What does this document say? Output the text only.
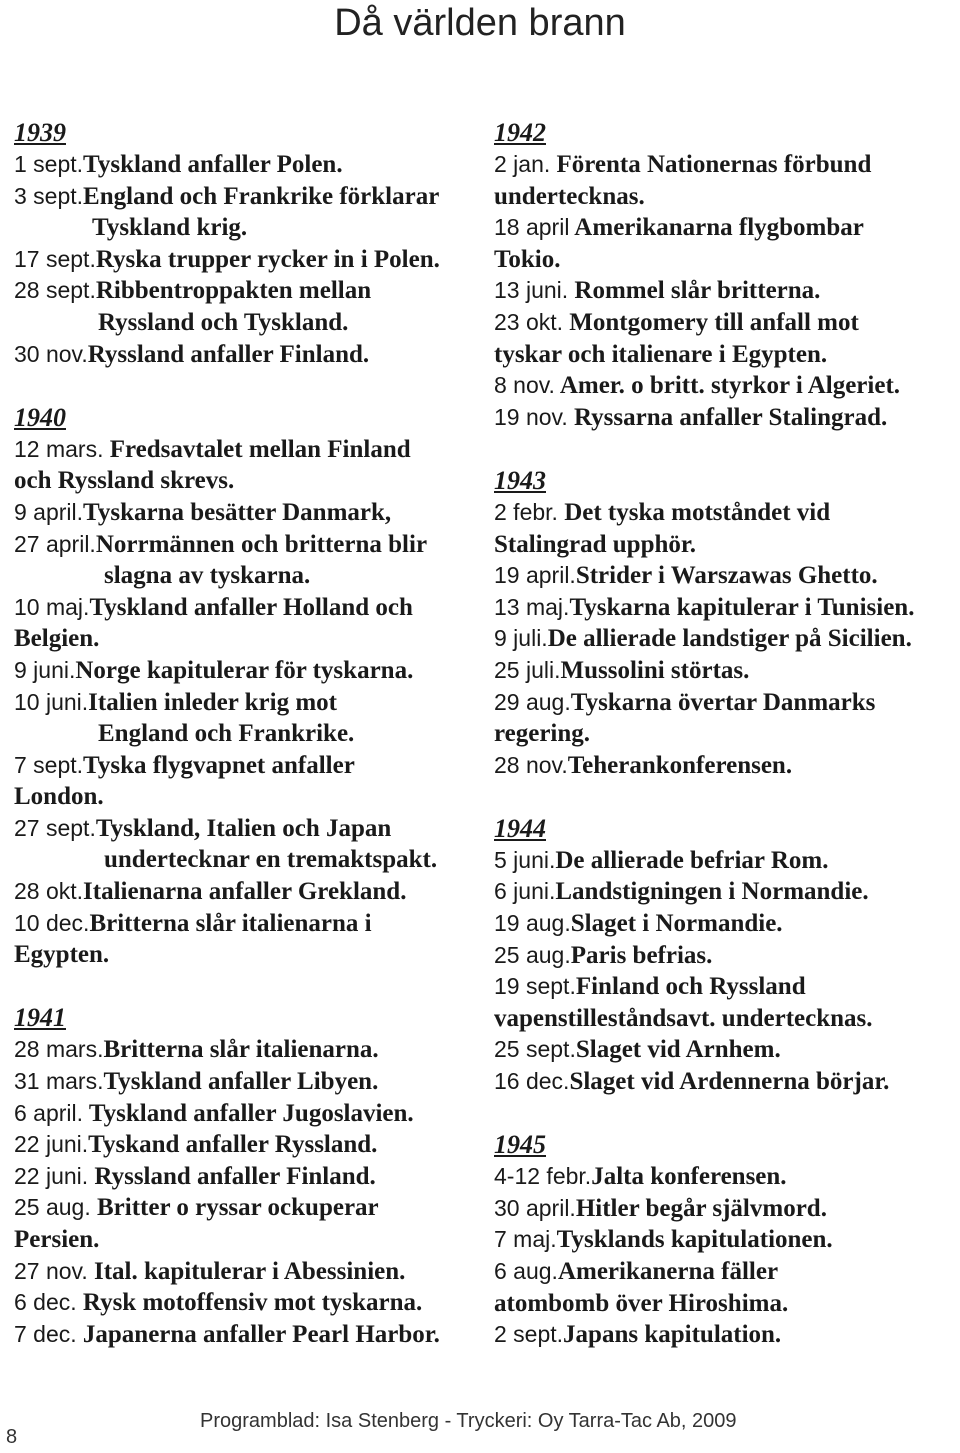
Då världen brann
1939
1 sept.Tyskland anfaller Polen.
3 sept.England och Frankrike förklarar
Tyskland krig.
17 sept.Ryska trupper rycker in i Polen.
28 sept.Ribbentroppakten mellan
Ryssland och Tyskland.
30 nov.Ryssland anfaller Finland.
1940
12 mars. Fredsavtalet mellan Finland
och Ryssland skrevs.
9 april.Tyskarna besätter Danmark,
27 april.Norrmännen och britterna blir
slagna av tyskarna.
10 maj.Tyskland anfaller Holland och
Belgien.
9 juni.Norge kapitulerar för tyskarna.
10 juni.Italien inleder krig mot
England och Frankrike.
7 sept.Tyska flygvapnet anfaller
London.
27 sept.Tyskland, Italien och Japan
undertecknar en tremaktspakt.
28 okt.Italienarna anfaller Grekland.
10 dec.Britterna slår italienarna i
Egypten.
1941
28 mars.Britterna slår italienarna.
31 mars.Tyskland anfaller Libyen.
6 april. Tyskland anfaller Jugoslavien.
22 juni.Tyskand anfaller Ryssland.
22 juni. Ryssland anfaller Finland.
25 aug. Britter o ryssar ockuperar
Persien.
27 nov. Ital. kapitulerar i Abessinien.
6 dec. Rysk motoffensiv mot tyskarna.
7 dec. Japanerna anfaller Pearl Harbor.
1942
2 jan. Förenta Nationernas förbund
undertecknas.
18 april Amerikanarna flygbombar
Tokio.
13 juni. Rommel slår britterna.
23 okt. Montgomery till anfall mot
tyskar och italienare i Egypten.
8 nov. Amer. o britt. styrkor i Algeriet.
19 nov. Ryssarna anfaller Stalingrad.
1943
2 febr. Det tyska motståndet vid
Stalingrad upphör.
19 april.Strider i Warszawas Ghetto.
13 maj.Tyskarna kapitulerar i Tunisien.
9 juli.De allierade landstiger på Sicilien.
25 juli.Mussolini störtas.
29 aug.Tyskarna övertar Danmarks
regering.
28 nov.Teherankonferensen.
1944
5 juni.De allierade befriar Rom.
6 juni.Landstigningen i Normandie.
19 aug.Slaget i Normandie.
25 aug.Paris befrias.
19 sept.Finland och Ryssland
vapenstilleståndsavt. undertecknas.
25 sept.Slaget vid Arnhem.
16 dec.Slaget vid Ardennerna börjar.
1945
4-12 febr.Jalta konferensen.
30 april.Hitler begår självmord.
7 maj.Tysklands kapitulationen.
6 aug.Amerikanerna fäller
atombomb över Hiroshima.
2 sept.Japans kapitulation.
Programblad: Isa Stenberg - Tryckeri: Oy Tarra-Tac Ab, 2009
8
